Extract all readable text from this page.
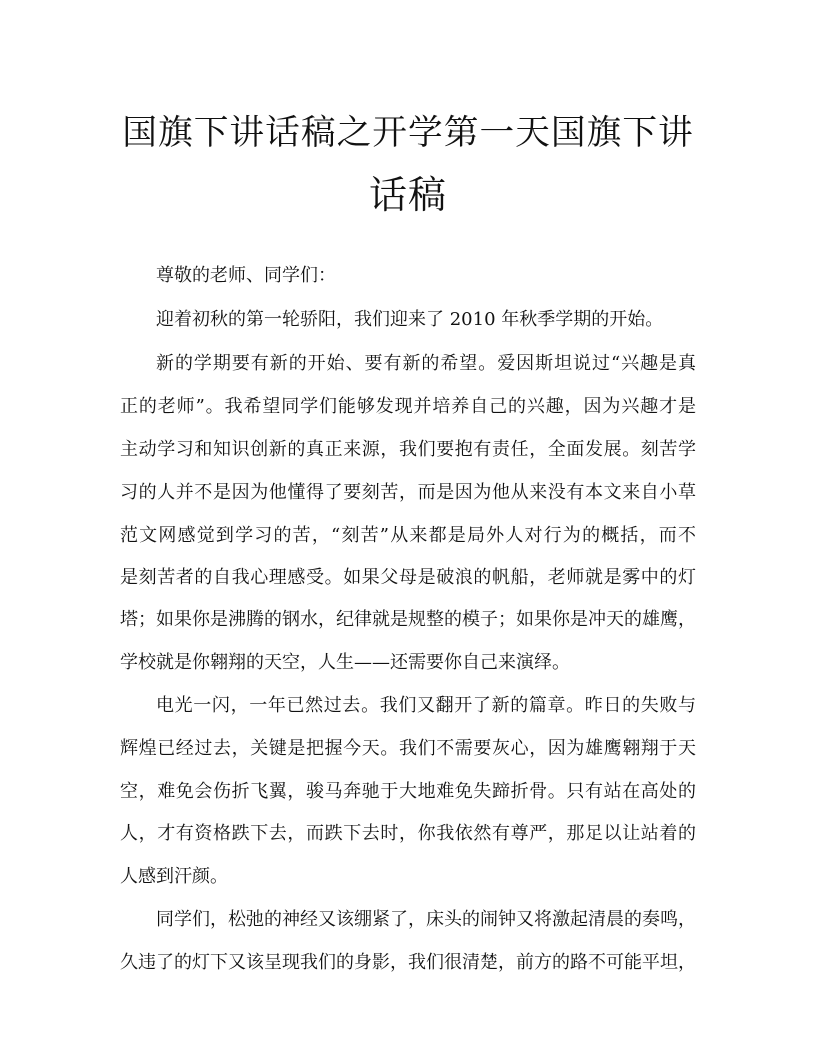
国旗下讲话稿之开学第一天国旗下讲
话稿
尊敬的老师、同学们：
迎着初秋的第一轮骄阳，我们迎来了 2010 年秋季学期的开始。
新的学期要有新的开始、要有新的希望。爱因斯坦说过“兴趣是真
正的老师”。我希望同学们能够发现并培养自己的兴趣，因为兴趣才是
主动学习和知识创新的真正来源，我们要抱有责任，全面发展。刻苦学
习的人并不是因为他懂得了要刻苦，而是因为他从来没有本文来自小草
范文网感觉到学习的苦，“刻苦”从来都是局外人对行为的概括，而不
是刻苦者的自我心理感受。如果父母是破浪的帆船，老师就是雾中的灯
塔；如果你是沸腾的钢水，纪律就是规整的模子；如果你是冲天的雄鹰，
学校就是你翱翔的天空，人生——还需要你自己来演绎。
电光一闪，一年已然过去。我们又翻开了新的篇章。昨日的失败与
辉煌已经过去，关键是把握今天。我们不需要灰心，因为雄鹰翱翔于天
空，难免会伤折飞翼，骏马奔驰于大地难免失蹄折骨。只有站在高处的
人，才有资格跌下去，而跌下去时，你我依然有尊严，那足以让站着的
人感到汗颜。
同学们，松弛的神经又该绷紧了，床头的闹钟又将激起清晨的奏鸣，
久违了的灯下又该呈现我们的身影，我们很清楚，前方的路不可能平坦，
